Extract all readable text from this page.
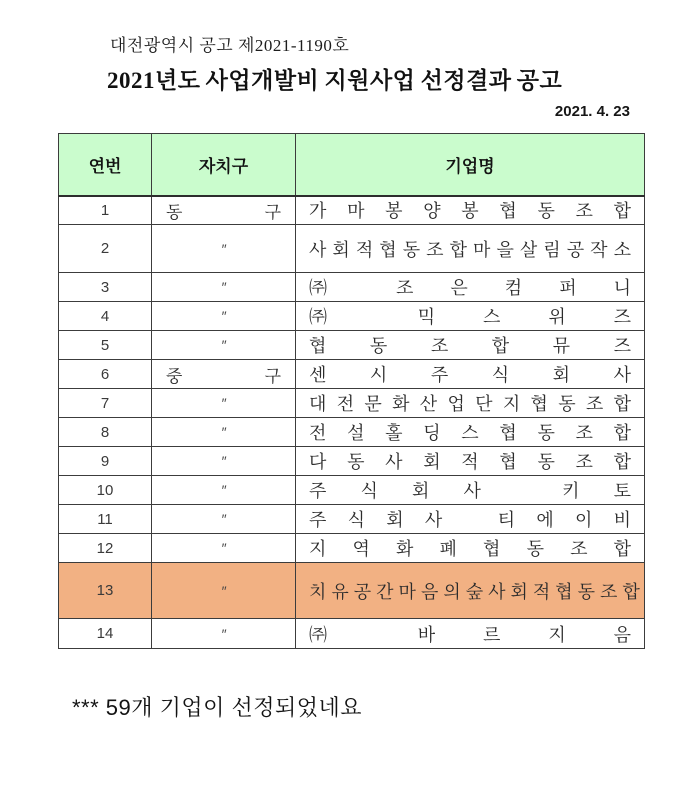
대전광역시 공고 제2021-1190호
2021년도 사업개발비 지원사업 선정결과 공고
2021. 4. 23
연번	자치구	기업명
1	동 구	가 마 봉 양 봉 협 동 조 합
2	″	사 회 적 협 동 조 합 마 을 살 림 공 작 소
3	″	㈜ 조 은 컴 퍼 니
4	″	㈜ 믹 스 위 즈
5	″	협 동 조 합 뮤 즈
6	중 구	센 시 주 식 회 사
7	″	대 전 문 화 산 업 단 지 협 동 조 합
8	″	전 설 홀 딩 스 협 동 조 합
9	″	다 동 사 회 적 협 동 조 합
10	″	주 식 회 사 　키 토
11	″	주 식 회 사 　티 에 이 비
12	″	지 역 화 폐 협 동 조 합
13	″	치 유 공 간 마 음 의 숲 사 회 적 협 동 조 합
14	″	㈜ 바 르 지 음
*** 59개 기업이 선정되었네요
